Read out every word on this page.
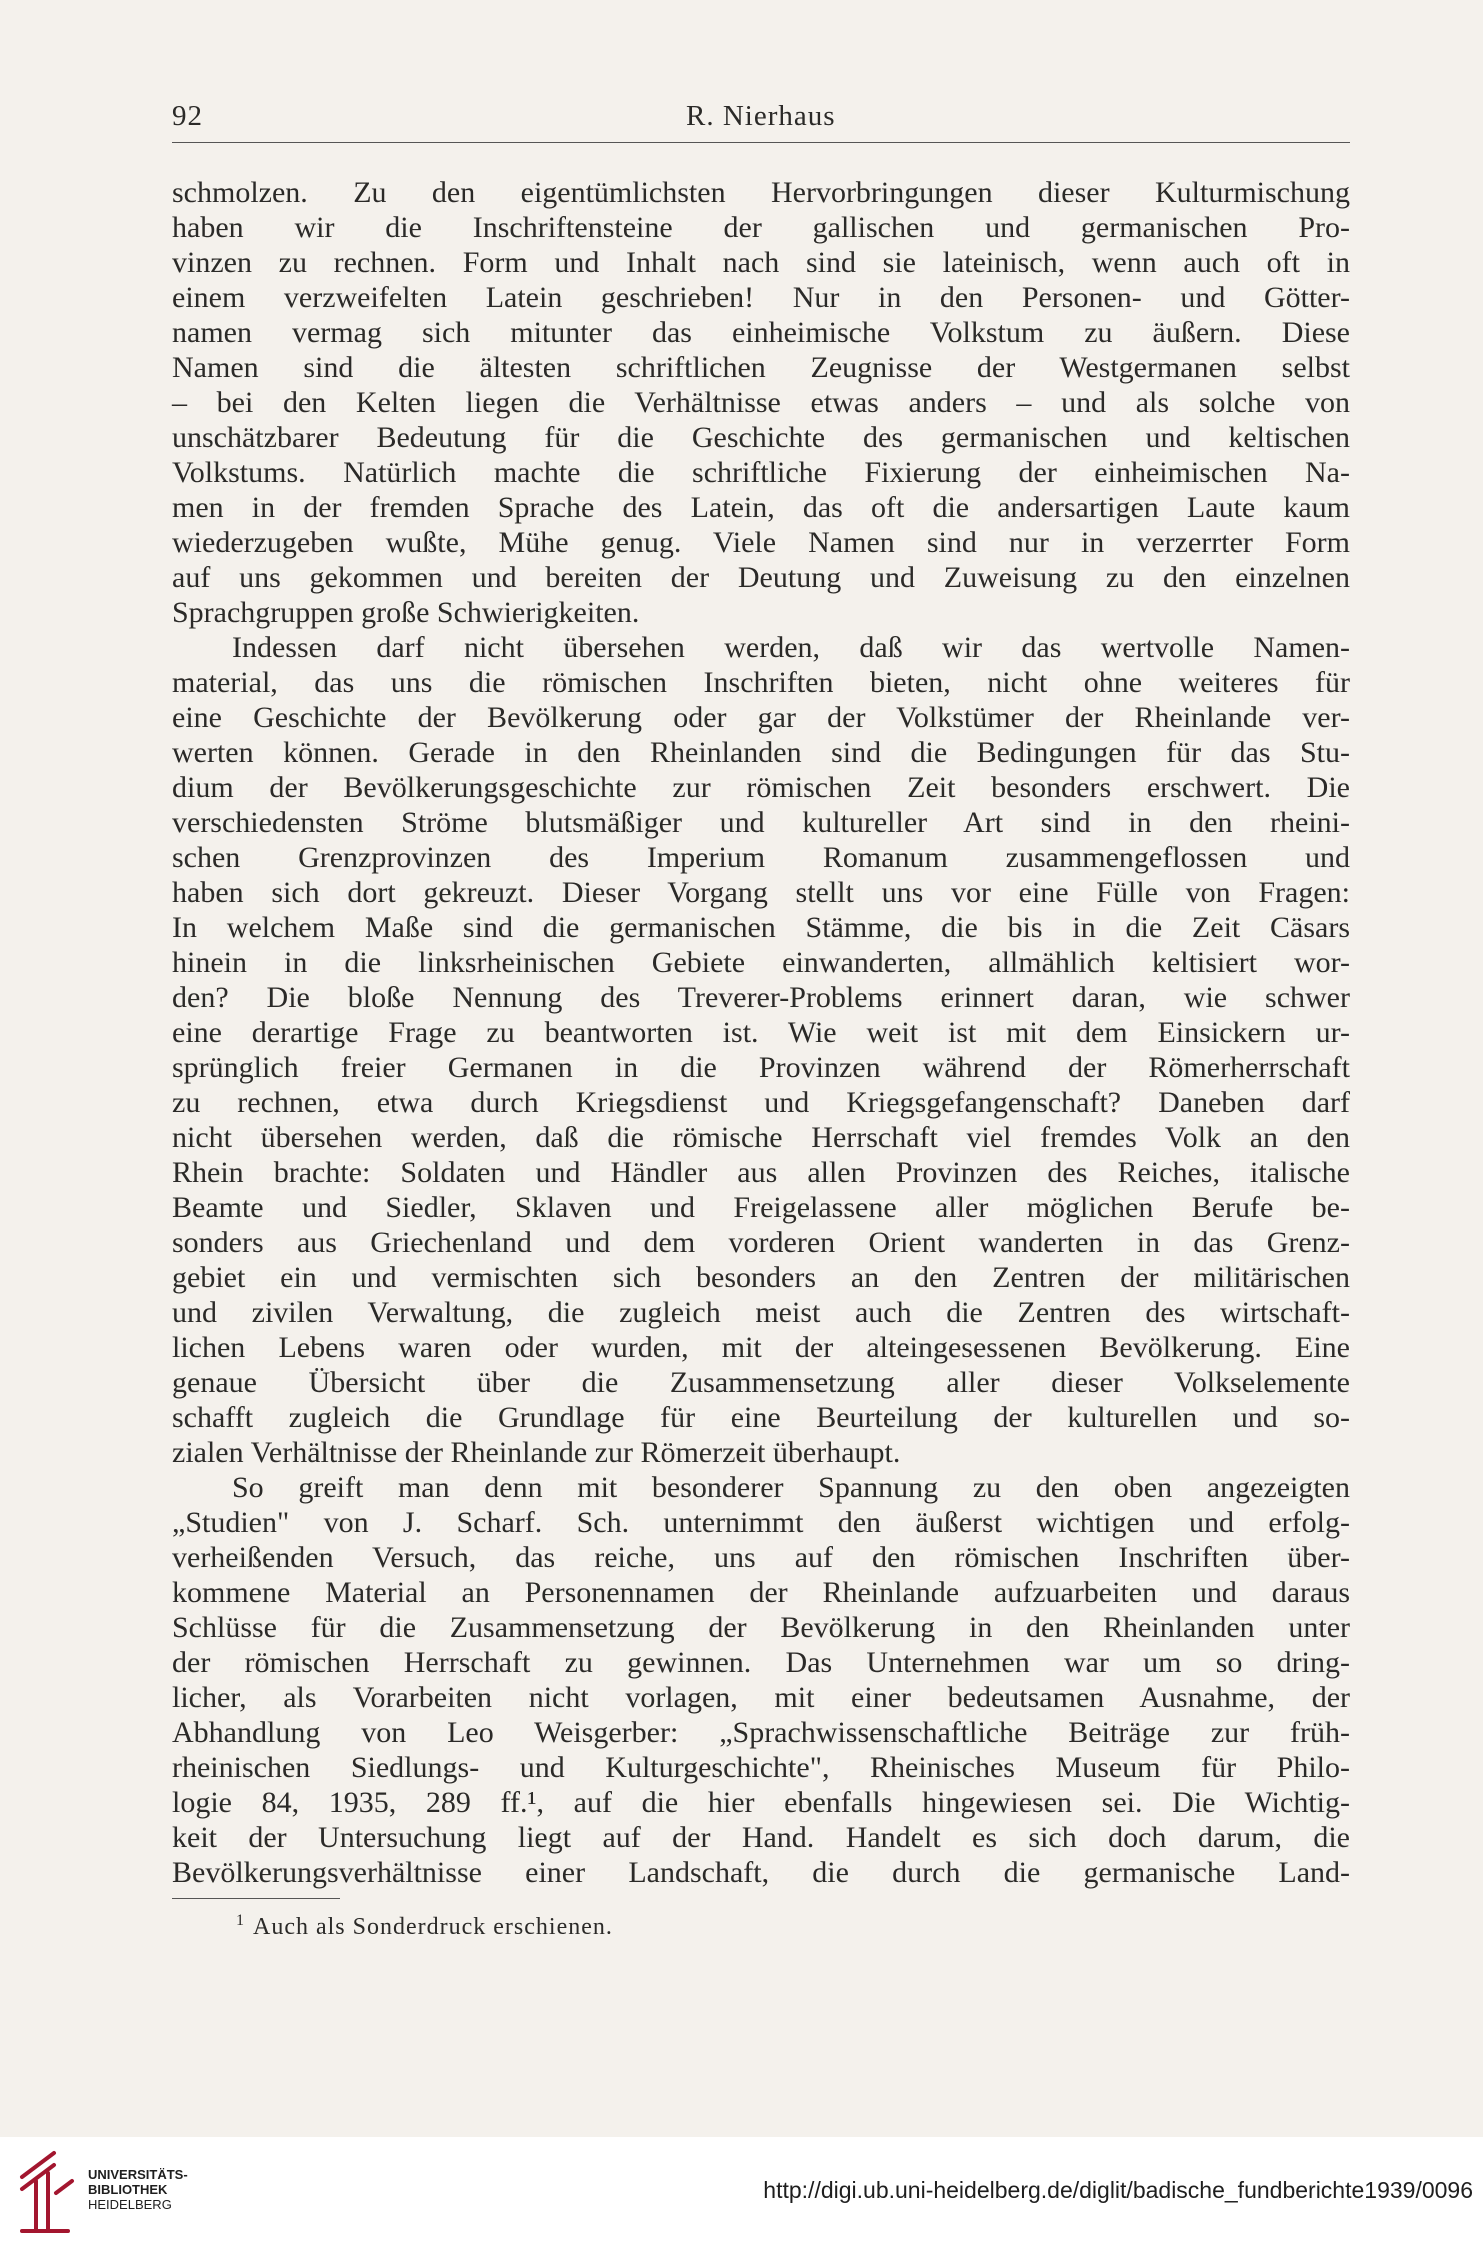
92	R. Nierhaus
schmolzen. Zu den eigentümlichsten Hervorbringungen dieser Kulturmischung
haben wir die Inschriftensteine der gallischen und germanischen Pro-
vinzen zu rechnen. Form und Inhalt nach sind sie lateinisch, wenn auch oft in
einem verzweifelten Latein geschrieben! Nur in den Personen- und Götter-
namen vermag sich mitunter das einheimische Volkstum zu äußern. Diese
Namen sind die ältesten schriftlichen Zeugnisse der Westgermanen selbst
– bei den Kelten liegen die Verhältnisse etwas anders – und als solche von
unschätzbarer Bedeutung für die Geschichte des germanischen und keltischen
Volkstums. Natürlich machte die schriftliche Fixierung der einheimischen Na-
men in der fremden Sprache des Latein, das oft die andersartigen Laute kaum
wiederzugeben wußte, Mühe genug. Viele Namen sind nur in verzerrter Form
auf uns gekommen und bereiten der Deutung und Zuweisung zu den einzelnen
Sprachgruppen große Schwierigkeiten.
Indessen darf nicht übersehen werden, daß wir das wertvolle Namen-
material, das uns die römischen Inschriften bieten, nicht ohne weiteres für
eine Geschichte der Bevölkerung oder gar der Volkstümer der Rheinlande ver-
werten können. Gerade in den Rheinlanden sind die Bedingungen für das Stu-
dium der Bevölkerungsgeschichte zur römischen Zeit besonders erschwert. Die
verschiedensten Ströme blutsmäßiger und kultureller Art sind in den rheini-
schen Grenzprovinzen des Imperium Romanum zusammengeflossen und
haben sich dort gekreuzt. Dieser Vorgang stellt uns vor eine Fülle von Fragen:
In welchem Maße sind die germanischen Stämme, die bis in die Zeit Cäsars
hinein in die linksrheinischen Gebiete einwanderten, allmählich keltisiert wor-
den? Die bloße Nennung des Treverer-Problems erinnert daran, wie schwer
eine derartige Frage zu beantworten ist. Wie weit ist mit dem Einsickern ur-
sprünglich freier Germanen in die Provinzen während der Römerherrschaft
zu rechnen, etwa durch Kriegsdienst und Kriegsgefangenschaft? Daneben darf
nicht übersehen werden, daß die römische Herrschaft viel fremdes Volk an den
Rhein brachte: Soldaten und Händler aus allen Provinzen des Reiches, italische
Beamte und Siedler, Sklaven und Freigelassene aller möglichen Berufe be-
sonders aus Griechenland und dem vorderen Orient wanderten in das Grenz-
gebiet ein und vermischten sich besonders an den Zentren der militärischen
und zivilen Verwaltung, die zugleich meist auch die Zentren des wirtschaft-
lichen Lebens waren oder wurden, mit der alteingesessenen Bevölkerung. Eine
genaue Übersicht über die Zusammensetzung aller dieser Volkselemente
schafft zugleich die Grundlage für eine Beurteilung der kulturellen und so-
zialen Verhältnisse der Rheinlande zur Römerzeit überhaupt.
So greift man denn mit besonderer Spannung zu den oben angezeigten
„Studien" von J. Scharf. Sch. unternimmt den äußerst wichtigen und erfolg-
verheißenden Versuch, das reiche, uns auf den römischen Inschriften über-
kommene Material an Personennamen der Rheinlande aufzuarbeiten und daraus
Schlüsse für die Zusammensetzung der Bevölkerung in den Rheinlanden unter
der römischen Herrschaft zu gewinnen. Das Unternehmen war um so dring-
licher, als Vorarbeiten nicht vorlagen, mit einer bedeutsamen Ausnahme, der
Abhandlung von Leo Weisgerber: „Sprachwissenschaftliche Beiträge zur früh-
rheinischen Siedlungs- und Kulturgeschichte", Rheinisches Museum für Philo-
logie 84, 1935, 289 ff.¹, auf die hier ebenfalls hingewiesen sei. Die Wichtig-
keit der Untersuchung liegt auf der Hand. Handelt es sich doch darum, die
Bevölkerungsverhältnisse einer Landschaft, die durch die germanische Land-
$^1$ Auch als Sonderdruck erschienen.
UNIVERSITÄTS-
BIBLIOTHEK
HEIDELBERG
http://digi.ub.uni-heidelberg.de/diglit/badische_fundberichte1939/0096
